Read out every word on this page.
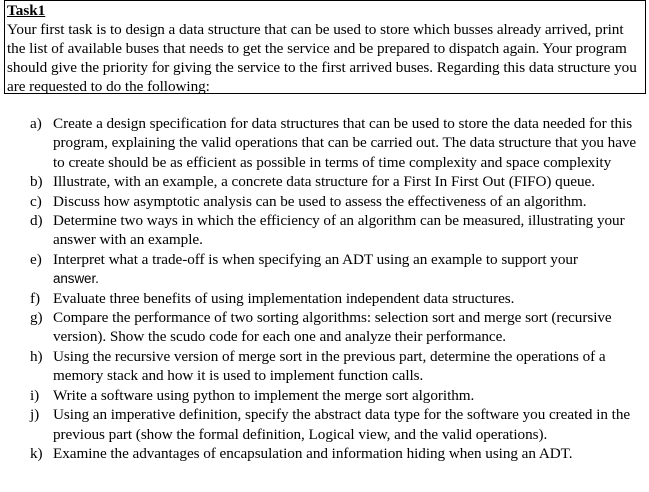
Task1

Your first task is to design a data structure that can be used to store which busses already arrived, print the list of available buses that needs to get the service and be prepared to dispatch again. Your program should give the priority for giving the service to the first arrived buses. Regarding this data structure you are requested to do the following:

a) Create a design specification for data structures that can be used to store the data needed for this program, explaining the valid operations that can be carried out. The data structure that you have to create should be as efficient as possible in terms of time complexity and space complexity
b) Illustrate, with an example, a concrete data structure for a First In First Out (FIFO) queue.
c) Discuss how asymptotic analysis can be used to assess the effectiveness of an algorithm.
d) Determine two ways in which the efficiency of an algorithm can be measured, illustrating your answer with an example.
e) Interpret what a trade-off is when specifying an ADT using an example to support your
answer.
f) Evaluate three benefits of using implementation independent data structures.
g) Compare the performance of two sorting algorithms: selection sort and merge sort (recursive version). Show the scudo code for each one and analyze their performance.
h) Using the recursive version of merge sort in the previous part, determine the operations of a memory stack and how it is used to implement function calls.
i) Write a software using python to implement the merge sort algorithm.
j) Using an imperative definition, specify the abstract data type for the software you created in the previous part (show the formal definition, Logical view, and the valid operations).
k) Examine the advantages of encapsulation and information hiding when using an ADT.
